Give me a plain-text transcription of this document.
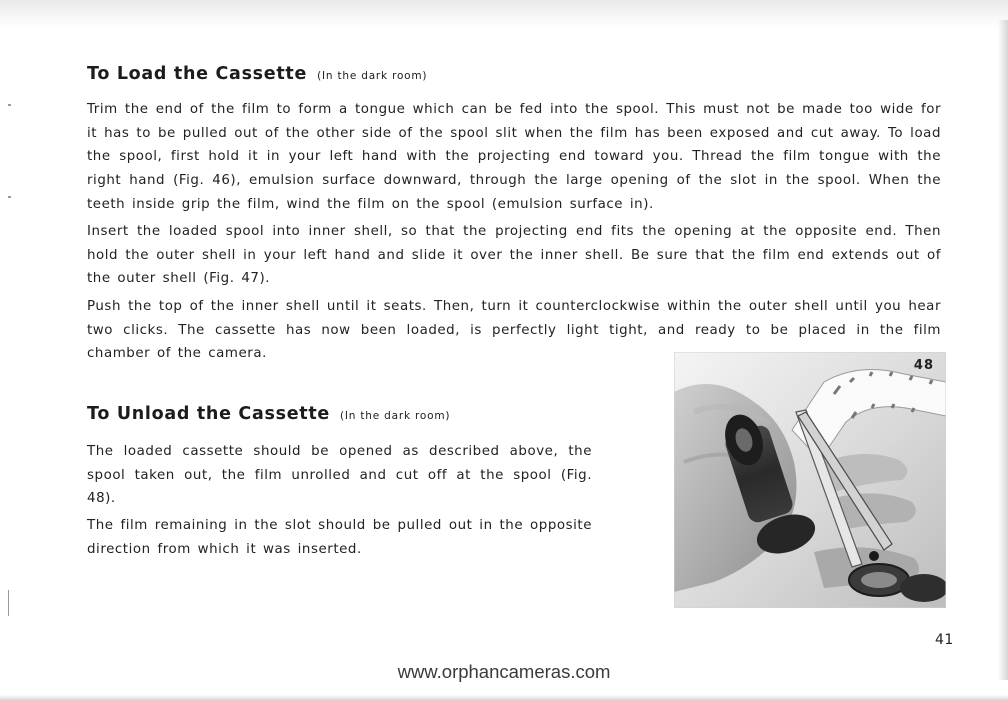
To Load the Cassette (In the dark room)

Trim the end of the film to form a tongue which can be fed into the spool. This must not be made too wide for it has to be pulled out of the other side of the spool slit when the film has been exposed and cut away. To load the spool, first hold it in your left hand with the projecting end toward you. Thread the film tongue with the right hand (Fig. 46), emulsion surface downward, through the large opening of the slot in the spool. When the teeth inside grip the film, wind the film on the spool (emulsion surface in).

Insert the loaded spool into inner shell, so that the projecting end fits the opening at the opposite end. Then hold the outer shell in your left hand and slide it over the inner shell. Be sure that the film end extends out of the outer shell (Fig. 47).

Push the top of the inner shell until it seats. Then, turn it counterclockwise within the outer shell until you hear two clicks. The cassette has now been loaded, is perfectly light tight, and ready to be placed in the film chamber of the camera.

To Unload the Cassette (In the dark room)

The loaded cassette should be opened as described above, the spool taken out, the film unrolled and cut off at the spool (Fig. 48).

The film remaining in the slot should be pulled out in the opposite direction from which it was inserted.

48
41
www.orphancameras.com
